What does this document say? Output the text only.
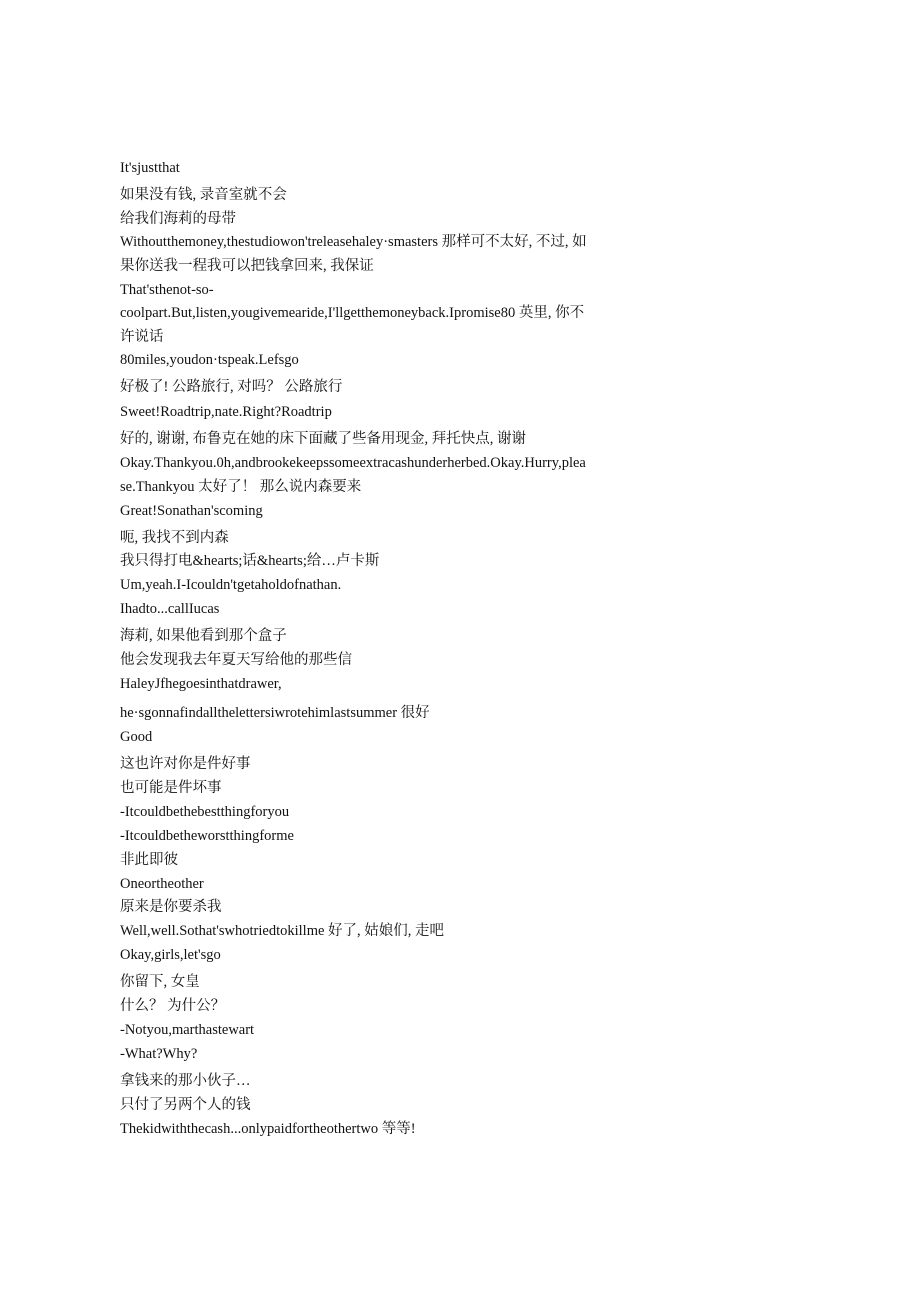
It'sjustthat
如果没有钱, 录音室就不会
给我们海莉的母带
Withoutthemoney,thestudiowon'treleasehaley·smasters 那样可不太好, 不过, 如
果你送我一程我可以把钱拿回来, 我保证
That'sthenot-so-
coolpart.But,listen,yougivemearide,I'llgetthemoneyback.Ipromise80 英里, 你不
许说话
80miles,youdon·tspeak.Lefsgo
好极了! 公路旅行, 对吗？ 公路旅行
Sweet!Roadtrip,nate.Right?Roadtrip
好的, 谢谢, 布鲁克在她的床下面藏了些备用现金, 拜托快点, 谢谢
Okay.Thankyou.0h,andbrookekeepssomeextracashunderherbed.Okay.Hurry,plea
se.Thankyou 太好了！ 那么说内森要来
Great!Sonathan'scoming
呃, 我找不到内森
我只得打电&hearts;话&hearts;给…卢卡斯
Um,yeah.I-Icouldn'tgetaholdofnathan.
Ihadto...callIucas
海莉, 如果他看到那个盒子
他会发现我去年夏天写给他的那些信
HaleyJfhegoesinthatdrawer,
he·sgonnafindallthelettersiwrotehimlastsummer 很好
Good
这也许对你是件好事
也可能是件坏事
-Itcouldbethebestthingforyou
-Itcouldbetheworstthingforme
非此即彼
Oneortheother
原来是你要杀我
Well,well.Sothat'swhotriedtokillme 好了, 姑娘们, 走吧
Okay,girls,let'sgo
你留下, 女皇
什么？ 为什公？
-Notyou,marthastewart
-What?Why?
拿钱来的那小伙子…
只付了另两个人的钱
Thekidwiththecash...onlypaidfortheothertwo 等等!
